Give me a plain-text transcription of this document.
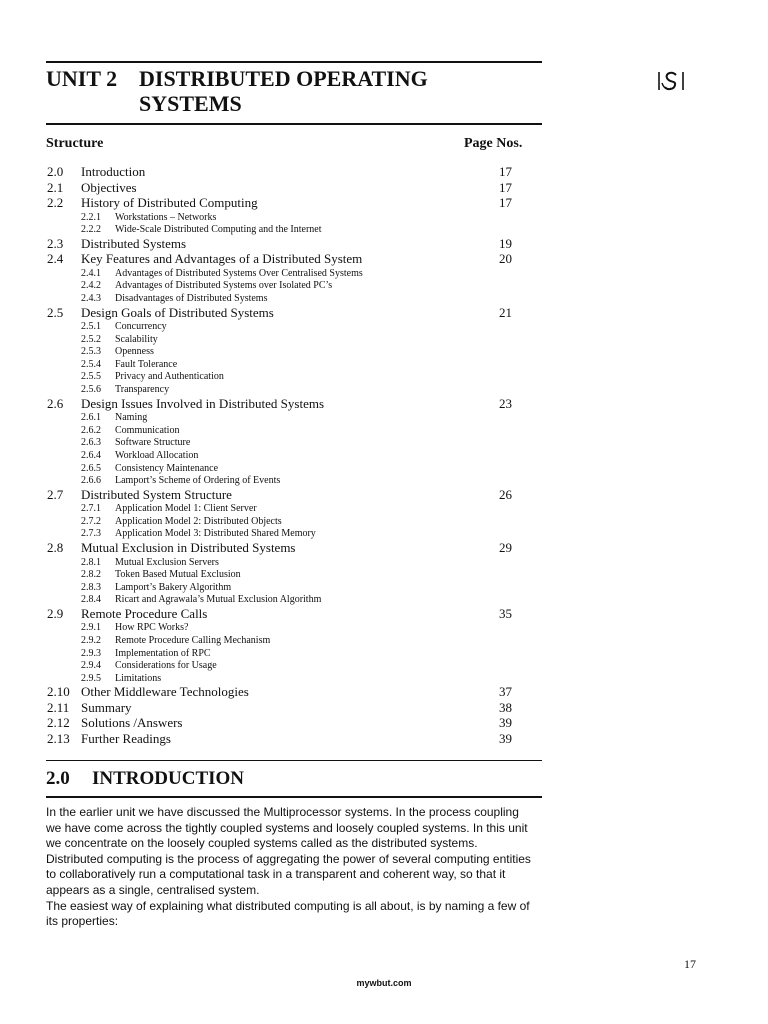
UNIT 2 DISTRIBUTED OPERATING SYSTEMS
Structure	Page Nos.
2.0 Introduction	17
2.1 Objectives	17
2.2 History of Distributed Computing	17
2.2.1 Workstations – Networks
2.2.2 Wide-Scale Distributed Computing and the Internet
2.3 Distributed Systems	19
2.4 Key Features and Advantages of a Distributed System	20
2.4.1 Advantages of Distributed Systems Over Centralised Systems
2.4.2 Advantages of Distributed Systems over Isolated PC’s
2.4.3 Disadvantages of Distributed Systems
2.5 Design Goals of Distributed Systems	21
2.5.1 Concurrency
2.5.2 Scalability
2.5.3 Openness
2.5.4 Fault Tolerance
2.5.5 Privacy and Authentication
2.5.6 Transparency
2.6 Design Issues Involved in Distributed Systems	23
2.6.1 Naming
2.6.2 Communication
2.6.3 Software Structure
2.6.4 Workload Allocation
2.6.5 Consistency Maintenance
2.6.6 Lamport’s Scheme of Ordering of Events
2.7 Distributed System Structure	26
2.7.1 Application Model 1: Client Server
2.7.2 Application Model 2: Distributed Objects
2.7.3 Application Model 3: Distributed Shared Memory
2.8 Mutual Exclusion in Distributed Systems	29
2.8.1 Mutual Exclusion Servers
2.8.2 Token Based Mutual Exclusion
2.8.3 Lamport’s Bakery Algorithm
2.8.4 Ricart and Agrawala’s Mutual Exclusion Algorithm
2.9 Remote Procedure Calls	35
2.9.1 How RPC Works?
2.9.2 Remote Procedure Calling Mechanism
2.9.3 Implementation of RPC
2.9.4 Considerations for Usage
2.9.5 Limitations
2.10 Other Middleware Technologies	37
2.11 Summary	38
2.12 Solutions /Answers	39
2.13 Further Readings	39
2.0 INTRODUCTION

In the earlier unit we have discussed the Multiprocessor systems. In the process coupling we have come across the tightly coupled systems and loosely coupled systems. In this unit we concentrate on the loosely coupled systems called as the distributed systems. Distributed computing is the process of aggregating the power of several computing entities to collaboratively run a computational task in a transparent and coherent way, so that it appears as a single, centralised system.

The easiest way of explaining what distributed computing is all about, is by naming a few of its properties:

17
mywbut.com
